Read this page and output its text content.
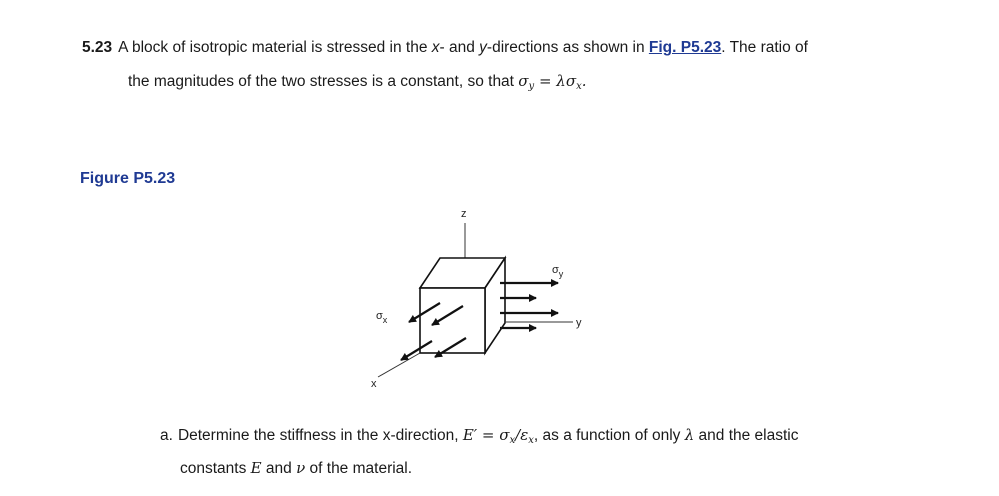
5.23 A block of isotropic material is stressed in the x- and y-directions as shown in Fig. P5.23. The ratio of
the magnitudes of the two stresses is a constant, so that $\sigma_y = \lambda\sigma_x$.
Figure P5.23
z
y
x
$\sigma_y$
$\sigma_x$
a. Determine the stiffness in the x-direction, $E' = \sigma_x/\varepsilon_x$, as a function of only λ and the elastic
constants E and ν of the material.
